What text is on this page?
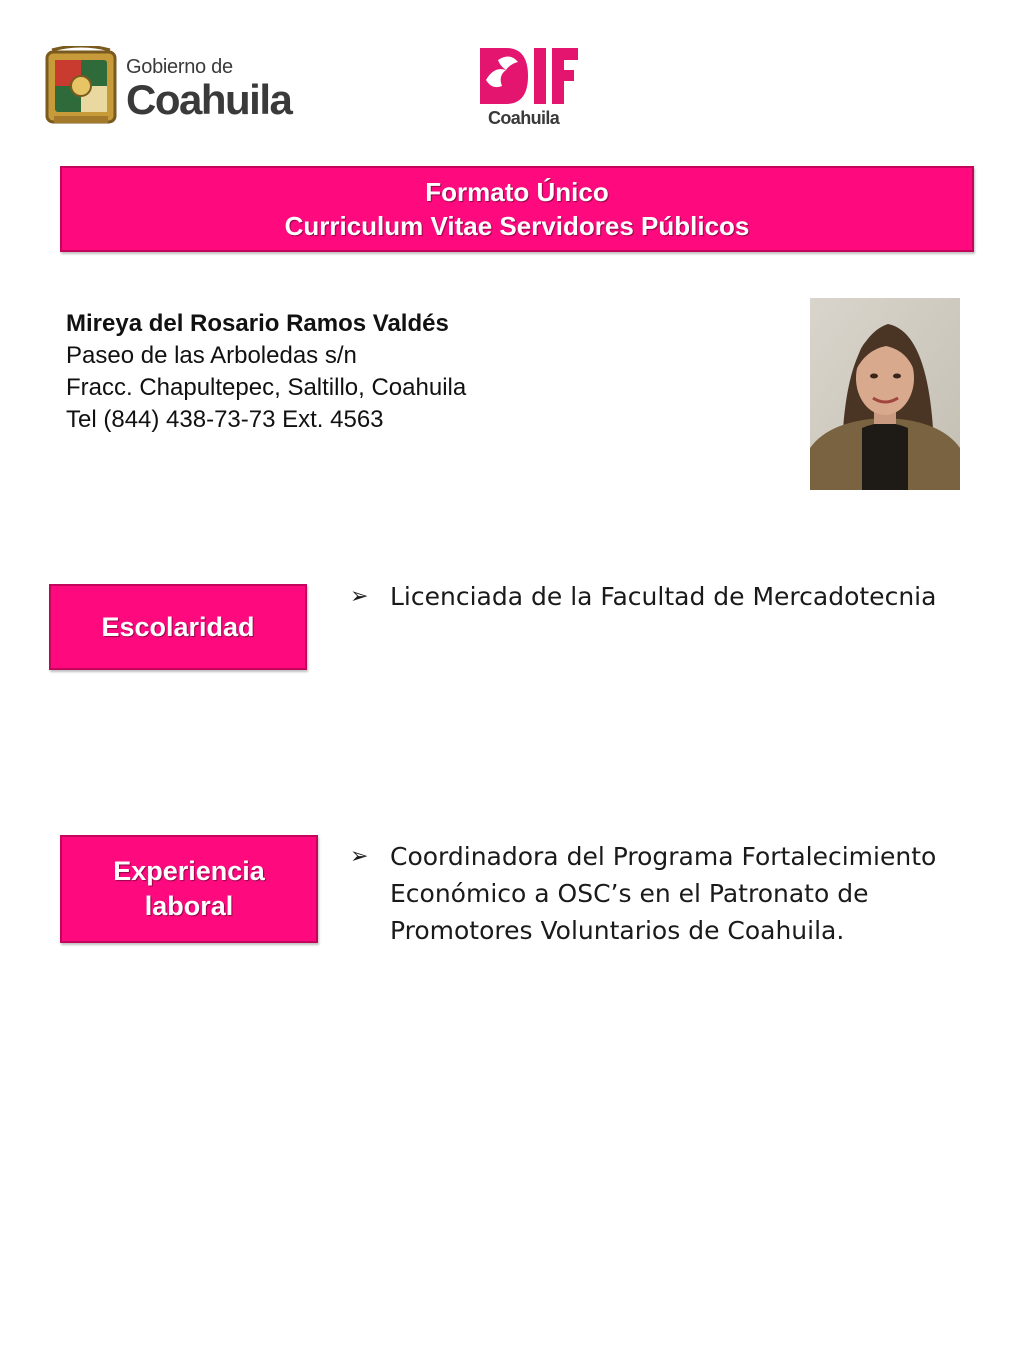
Gobierno de
Coahuila	Coahuila
Formato Único
Curriculum Vitae Servidores Públicos
Mireya del Rosario Ramos Valdés
Paseo de las Arboledas s/n
Fracc. Chapultepec, Saltillo, Coahuila
Tel (844) 438-73-73 Ext. 4563
Escolaridad
➢ Licenciada de la Facultad de Mercadotecnia
Experiencia
laboral
➢ Coordinadora del Programa Fortalecimiento Económico a OSC’s en el Patronato de Promotores Voluntarios de Coahuila.
